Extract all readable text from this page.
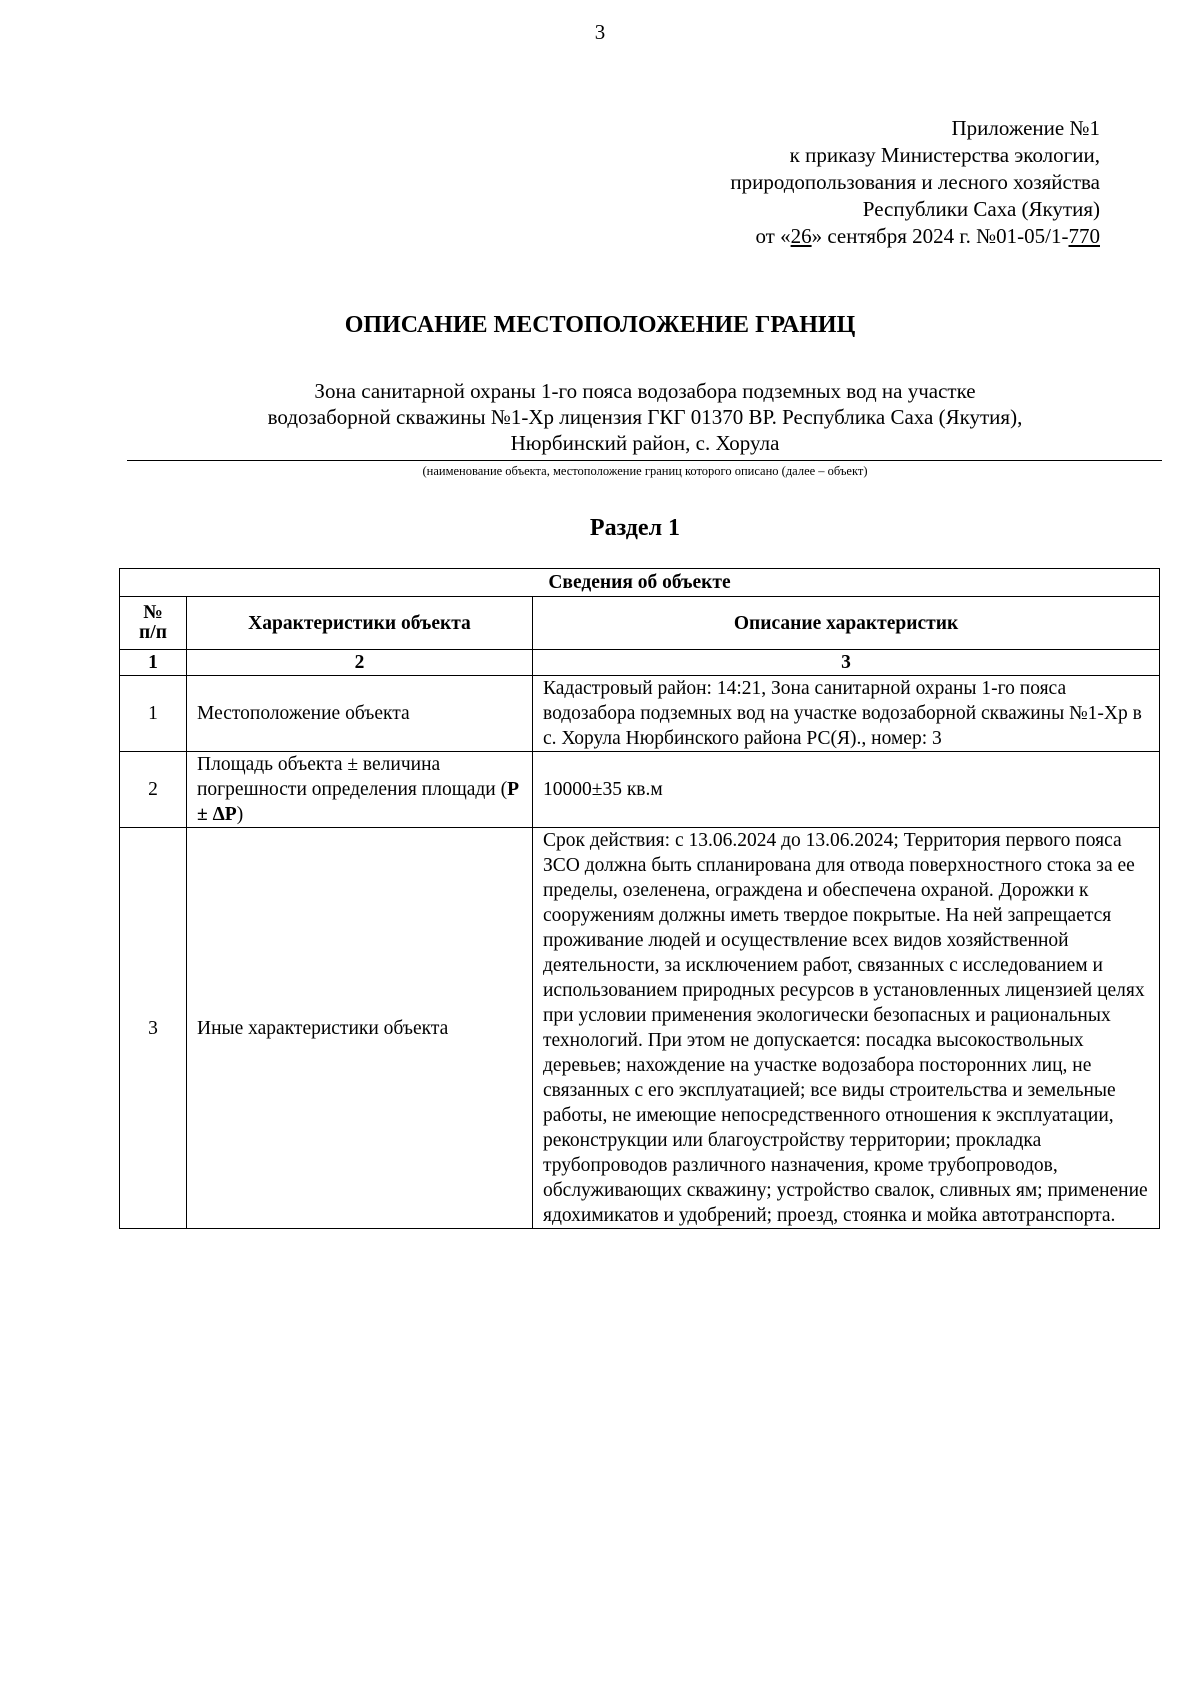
3
Приложение №1
к приказу Министерства экологии,
природопользования и лесного хозяйства
Республики Саха (Якутия)
от «26» сентября 2024 г. №01-05/1-770
ОПИСАНИЕ МЕСТОПОЛОЖЕНИЕ ГРАНИЦ
Зона санитарной охраны 1-го пояса водозабора подземных вод на участке
водозаборной скважины №1-Хр лицензия ГКГ 01370 ВР. Республика Саха (Якутия),
Нюрбинский район, с. Хорула
(наименование объекта, местоположение границ которого описано (далее – объект)
Раздел 1
Сведения об объекте		

№
п/п	Характеристики объекта	Описание характеристик
1	2	3
1	Местоположение объекта	Кадастровый район: 14:21, Зона санитарной охраны 1-го пояса водозабора подземных вод на участке водозаборной скважины №1-Хр в с. Хорула Нюрбинского района РС(Я)., номер: 3
2	Площадь объекта ± величина погрешности определения площади (P ± ΔP)	10000±35 кв.м
3	Иные характеристики объекта	Срок действия: с 13.06.2024 до 13.06.2024; Территория первого пояса ЗСО должна быть спланирована для отвода поверхностного стока за ее пределы, озеленена, ограждена и обеспечена охраной. Дорожки к сооружениям должны иметь твердое покрытые. На ней запрещается проживание людей и осуществление всех видов хозяйственной деятельности, за исключением работ, связанных с исследованием и использованием природных ресурсов в установленных лицензией целях при условии применения экологически безопасных и рациональных технологий. При этом не допускается: посадка высокоствольных деревьев; нахождение на участке водозабора посторонних лиц, не связанных с его эксплуатацией; все виды строительства и земельные работы, не имеющие непосредственного отношения к эксплуатации, реконструкции или благоустройству территории; прокладка трубопроводов различного назначения, кроме трубопроводов, обслуживающих скважину; устройство свалок, сливных ям; применение ядохимикатов и удобрений; проезд, стоянка и мойка автотранспорта.
